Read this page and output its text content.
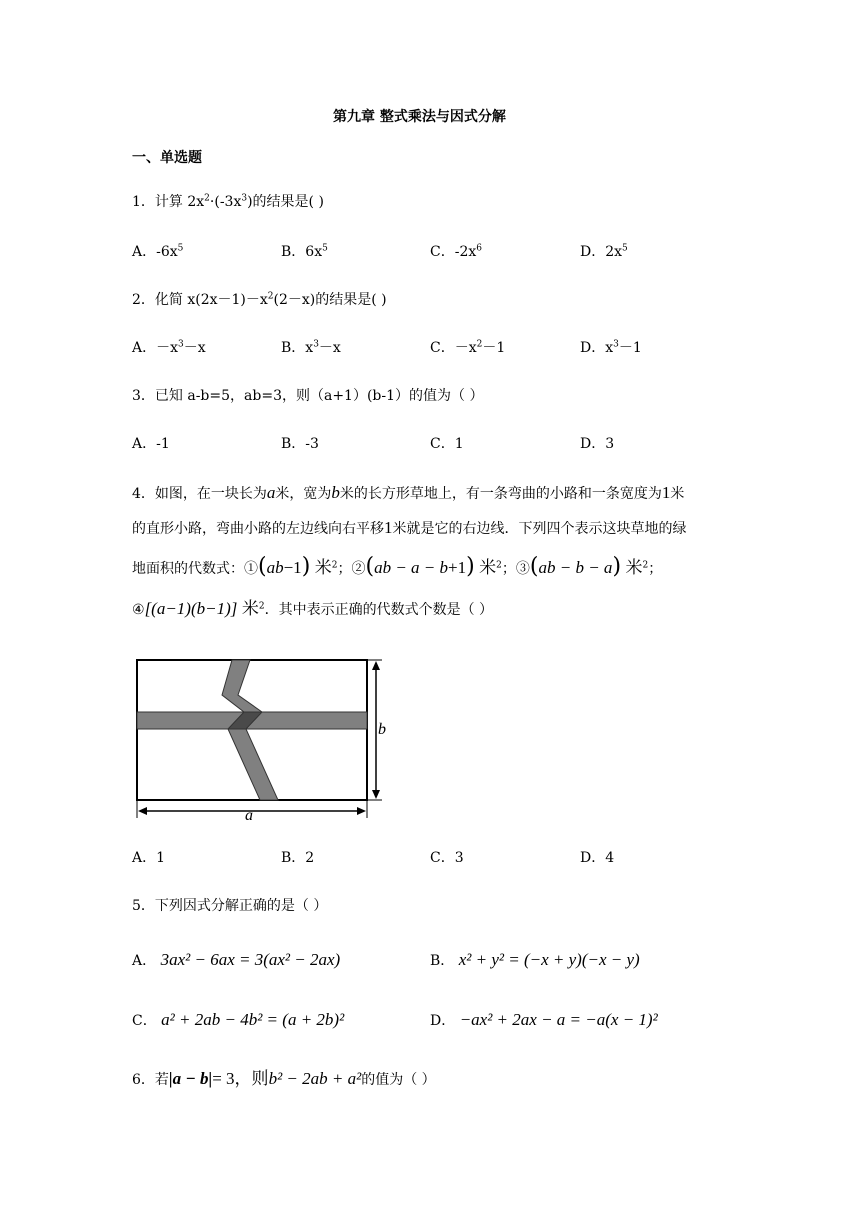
第九章 整式乘法与因式分解
一、单选题
1．计算 $2x^2\cdot(-3x^3)$的结果是( )
A．$-6x^5$	B．$6x^5$	C．$-2x^6$	D．$2x^5$
2．化简 $x(2x-1)-x^2(2-x)$的结果是( )
A．$-x^3-x$	B．$x^3-x$	C．$-x^2-1$	D．$x^3-1$
3．已知 a-b=5，ab=3，则（a+1）(b-1）的值为（ ）
A．-1	B．-3	C．1	D．3
4．如图，在一块长为a米，宽为b米的长方形草地上，有一条弯曲的小路和一条宽度为1米
的直形小路，弯曲小路的左边线向右平移1米就是它的右边线．下列四个表示这块草地的绿
地面积的代数式：①(ab−1) 米$^2$；②(ab − a − b+1) 米$^2$；③(ab − b − a) 米$^2$；
④[(a−1)(b−1)] 米$^2$．其中表示正确的代数式个数是（ ）
b
a
A．1	B．2	C．3	D．4
5．下列因式分解正确的是（ ）
A． 3ax² − 6ax = 3(ax² − 2ax)	B． x² + y² = (−x + y)(−x − y)
C． a² + 2ab − 4b² = (a + 2b)²	D． −ax² + 2ax − a = −a(x − 1)²
6．若|a − b|= 3，则b² − 2ab + a²的值为（ ）
